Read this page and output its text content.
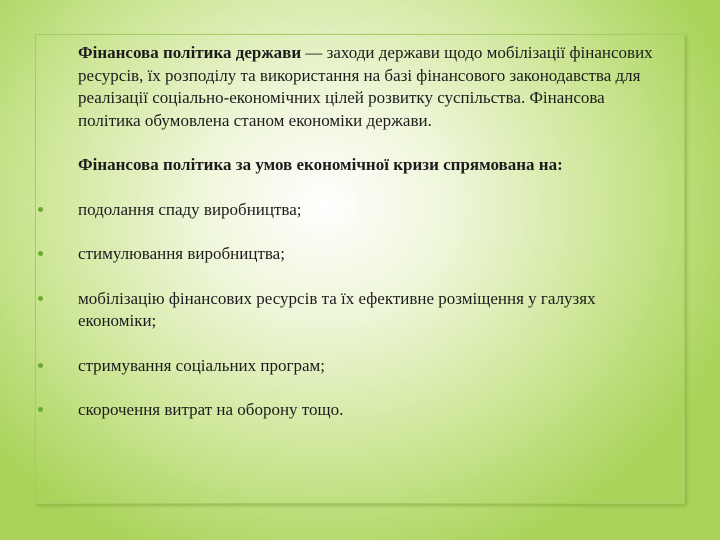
Фінансова політика держави — заходи держави щодо мобілізації фінансових ресурсів, їх розподілу та використання на базі фінансового законодавства для реалізації соціально-економічних цілей розвитку суспільства. Фінансова політика обумовлена станом економіки держави.

Фінансова політика за умов економічної кризи спрямована на:

подолання спаду виробництва;
стимулювання виробництва;
мобілізацію фінансових ресурсів та їх ефективне розміщення у галузях економіки;
стримування соціальних програм;
скорочення витрат на оборону тощо.
